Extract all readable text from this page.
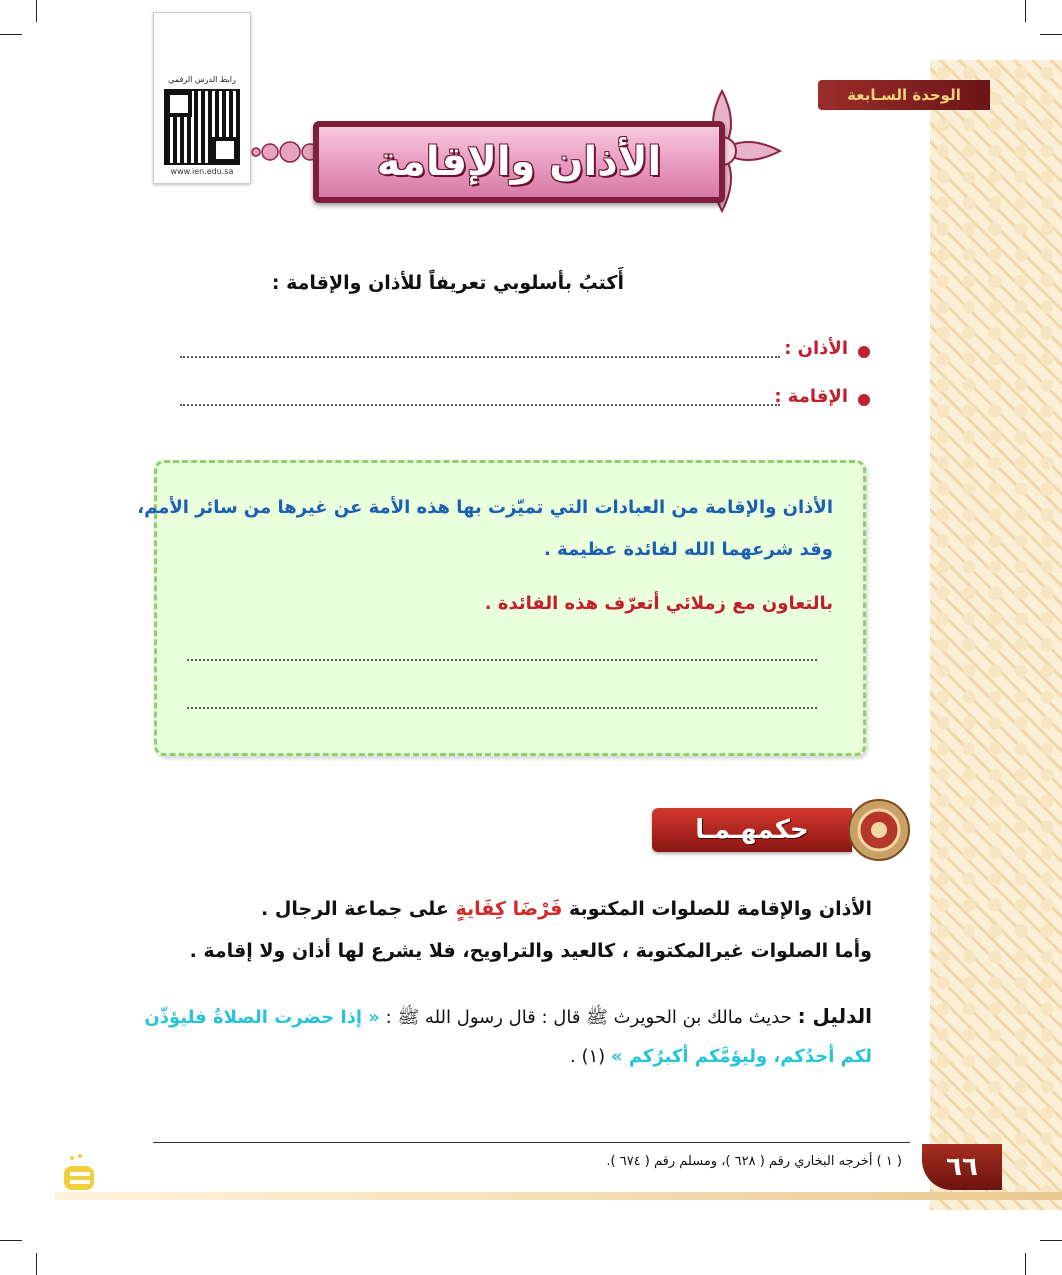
الوحدة السـابعة
رابط الدرس الرقمي
www.ien.edu.sa	الأذان والإقامة
أَكتبُ بأسلوبي تعريفاً للأذان والإقامة :
الأذان :
الإقامة :
الأذان والإقامة من العبادات التي تميّزت بها هذه الأمة عن غيرها من سائر الأمم،
وقد شرعهما الله لفائدة عظيمة .
بالتعاون مع زملائي أتعرّف هذه الفائدة .
حكمهـمـا
الأذان والإقامة للصلوات المكتوبة فَرْضَا كِفَايةٍ على جماعة الرجال .
وأما الصلوات غيرالمكتوبة ، كالعيد والتراويح، فلا يشرع لها أذان ولا إقامة .
الدليل : حديث مالك بن الحويرث ﷺ قال : قال رسول الله ﷺ : « إذا حضرت الصلاةُ فليؤذّن
لكم أحدُكم، وليؤمَّكم أكبرُكم » (١) .
( ١ ) أخرجه البخاري رقم ( ٦٢٨ )، ومسلم رقم ( ٦٧٤ ). ٦٦
